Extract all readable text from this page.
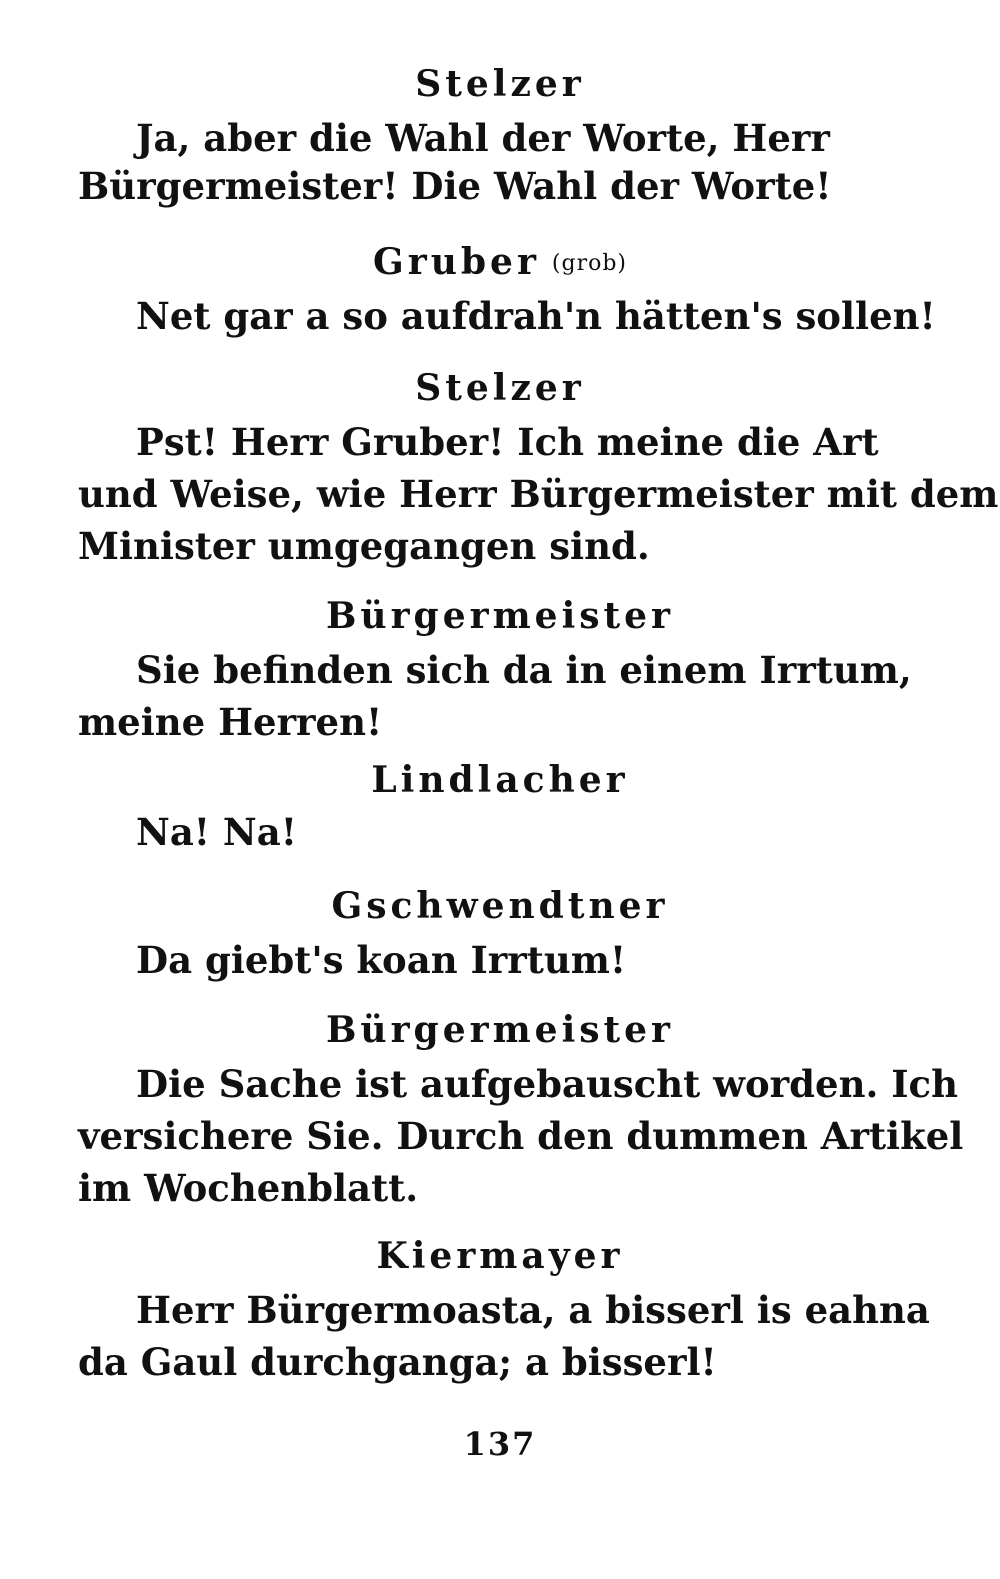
Stelzer
Ja, aber die Wahl der Worte, Herr
Bürgermeister! Die Wahl der Worte!
Gruber (grob)
Net gar a so aufdrah'n hätten's sollen!
Stelzer
Pst! Herr Gruber! Ich meine die Art
und Weise, wie Herr Bürgermeister mit dem
Minister umgegangen sind.
Bürgermeister
Sie befinden sich da in einem Irrtum,
meine Herren!
Lindlacher
Na! Na!
Gschwendtner
Da giebt's koan Irrtum!
Bürgermeister
Die Sache ist aufgebauscht worden. Ich
versichere Sie. Durch den dummen Artikel
im Wochenblatt.
Kiermayer
Herr Bürgermoasta, a bisserl is eahna
da Gaul durchganga; a bisserl!
137
